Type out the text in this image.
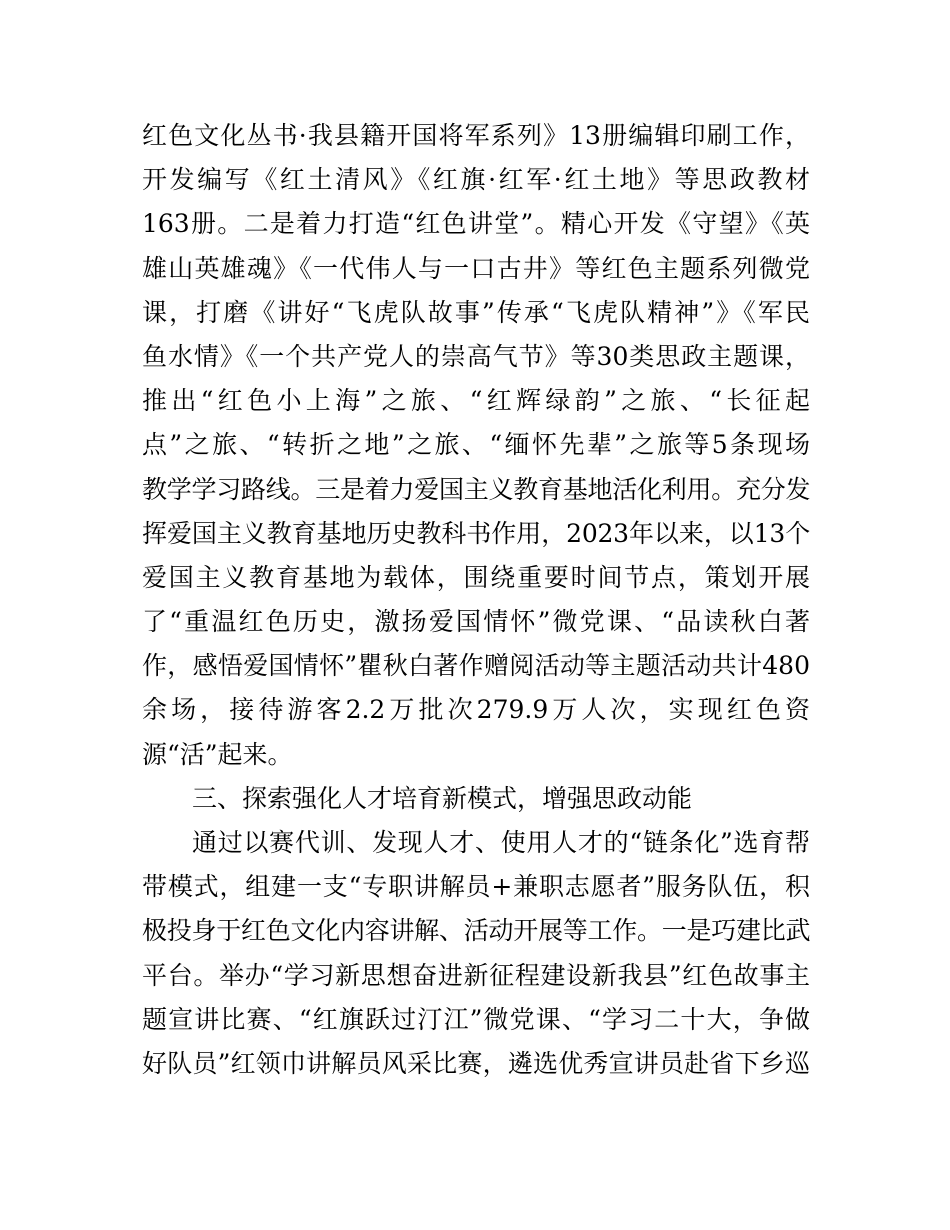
红色文化丛书·我县籍开国将军系列》13册编辑印刷工作，
开发编写《红土清风》《红旗·红军·红土地》等思政教材
163册。二是着力打造“红色讲堂”。精心开发《守望》《英
雄山英雄魂》《一代伟人与一口古井》等红色主题系列微党
课，打磨《讲好“飞虎队故事”传承“飞虎队精神”》《军民
鱼水情》《一个共产党人的崇高气节》等30类思政主题课，
推出“红色小上海”之旅、“红辉绿韵”之旅、“长征起
点”之旅、“转折之地”之旅、“缅怀先辈”之旅等5条现场
教学学习路线。三是着力爱国主义教育基地活化利用。充分发
挥爱国主义教育基地历史教科书作用，2023年以来，以13个
爱国主义教育基地为载体，围绕重要时间节点，策划开展
了“重温红色历史，激扬爱国情怀”微党课、“品读秋白著
作，感悟爱国情怀”瞿秋白著作赠阅活动等主题活动共计480
余场，接待游客2.2万批次279.9万人次，实现红色资
源“活”起来。
三、探索强化人才培育新模式，增强思政动能
通过以赛代训、发现人才、使用人才的“链条化”选育帮
带模式，组建一支“专职讲解员+兼职志愿者”服务队伍，积
极投身于红色文化内容讲解、活动开展等工作。一是巧建比武
平台。举办“学习新思想奋进新征程建设新我县”红色故事主
题宣讲比赛、“红旗跃过汀江”微党课、“学习二十大，争做
好队员”红领巾讲解员风采比赛，遴选优秀宣讲员赴省下乡巡
